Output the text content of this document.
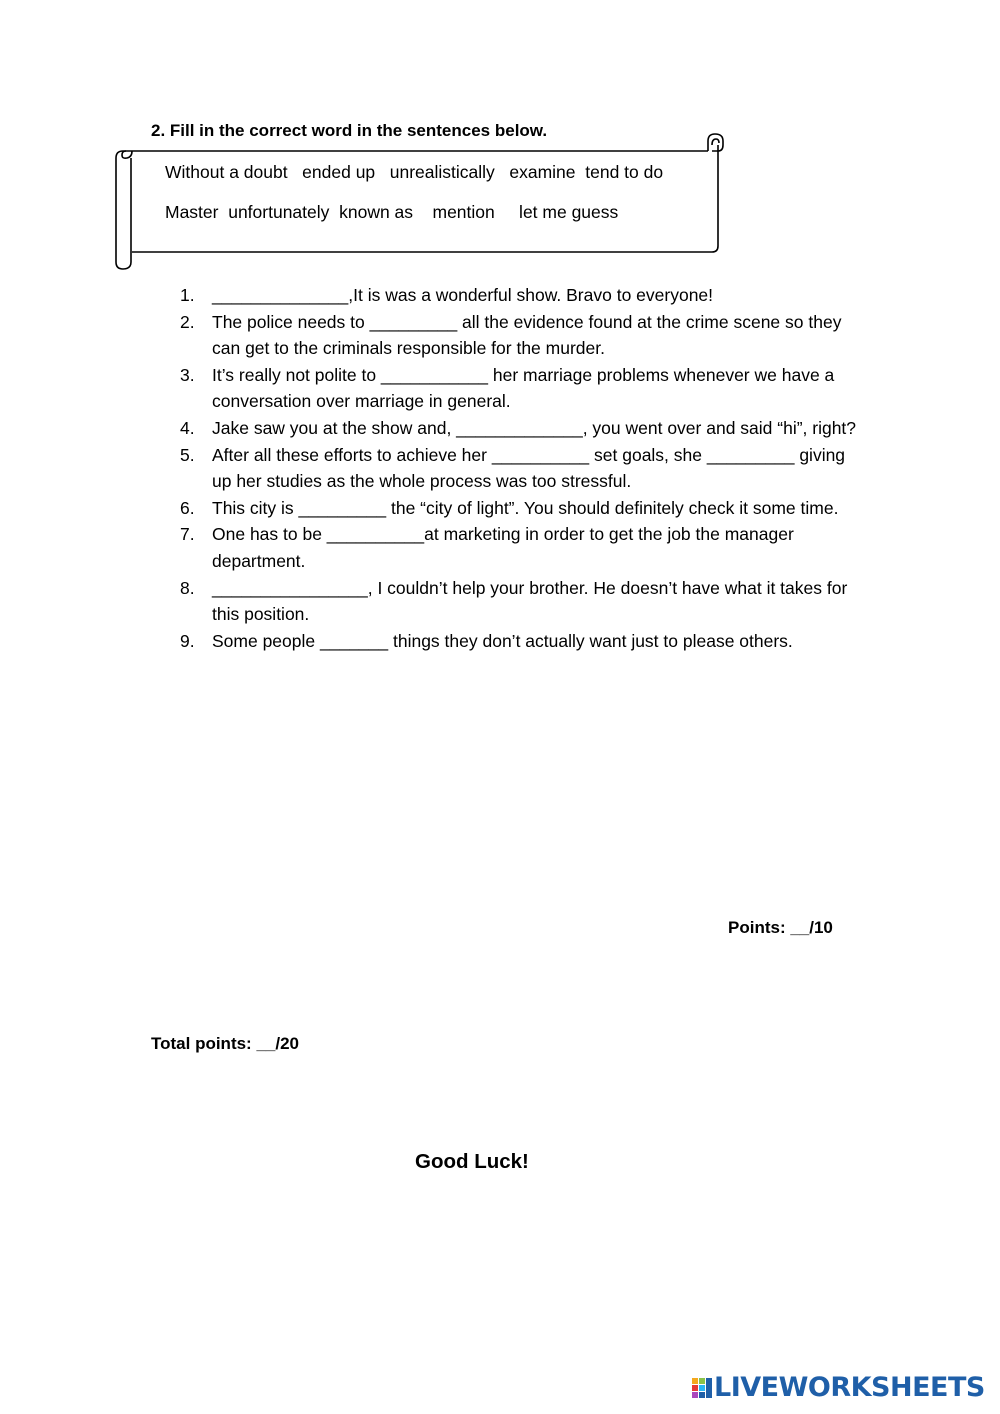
2. Fill in the correct word in the sentences below.
Without a doubt   ended up   unrealistically   examine  tend to do
Master  unfortunately  known as    mention     let me guess
1. ______________,It is was a wonderful show. Bravo to everyone!
2. The police needs to _________ all the evidence found at the crime scene so they can get to the criminals responsible for the murder.
3. It’s really not polite to ___________ her marriage problems whenever we have a conversation over marriage in general.
4. Jake saw you at the show and, _____________, you went over and said “hi”, right?
5. After all these efforts to achieve her __________ set goals, she _________ giving up her studies as the whole process was too stressful.
6. This city is _________ the “city of light”. You should definitely check it some time.
7. One has to be __________at marketing in order to get the job the manager department.
8. ________________, I couldn’t help your brother. He doesn’t have what it takes for this position.
9. Some people _______ things they don’t actually want just to please others.
Points: __/10
Total points: __/20
Good Luck!
LIVEWORKSHEETS
